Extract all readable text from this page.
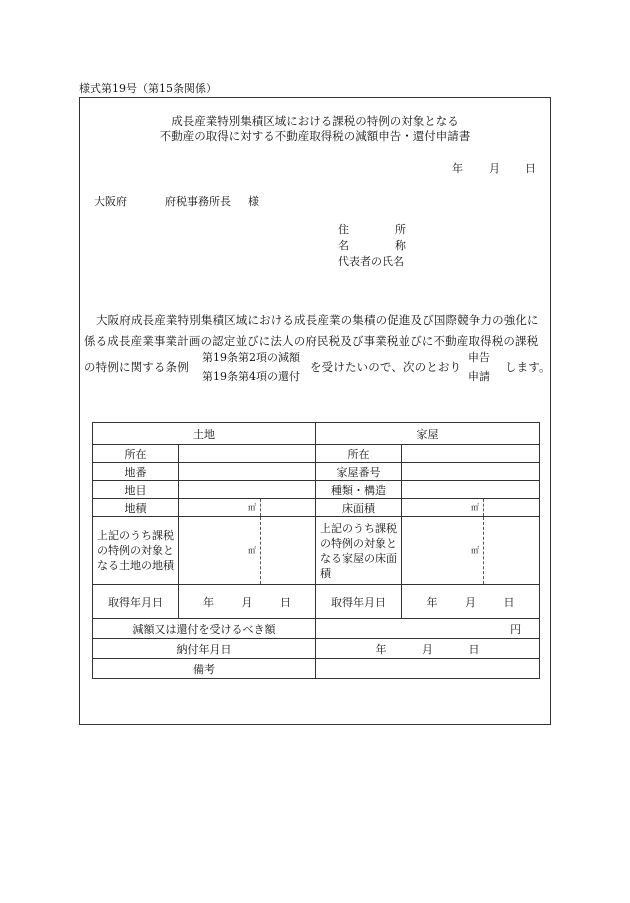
様式第19号（第15条関係）
成長産業特別集積区域における課税の特例の対象となる
不動産の取得に対する不動産取得税の減額申告・還付申請書
年 月 日
大阪府	府税事務所長 様
住	所
名	称
代表者の氏名
大阪府成長産業特別集積区域における成長産業の集積の促進及び国際競争力の強化に
係る成長産業事業計画の認定並びに法人の府民税及び事業税並びに不動産取得税の課税
の特例に関する条例
第19条第2項の減額
第19条第4項の還付
を受けたいので、次のとおり
申告
申請
します。
土地			家屋		
所在			所在		
地番			家屋番号		
地目			種類・構造		
地積	㎡		床面積	㎡	
上記のうち課税の特例の対象となる土地の地積	㎡		上記のうち課税の特例の対象となる家屋の床面積	㎡	
取得年月日	年 月 日		取得年月日	年 月 日	
減額又は還付を受けるべき額			円		
納付年月日			年 月 日		
備考					
